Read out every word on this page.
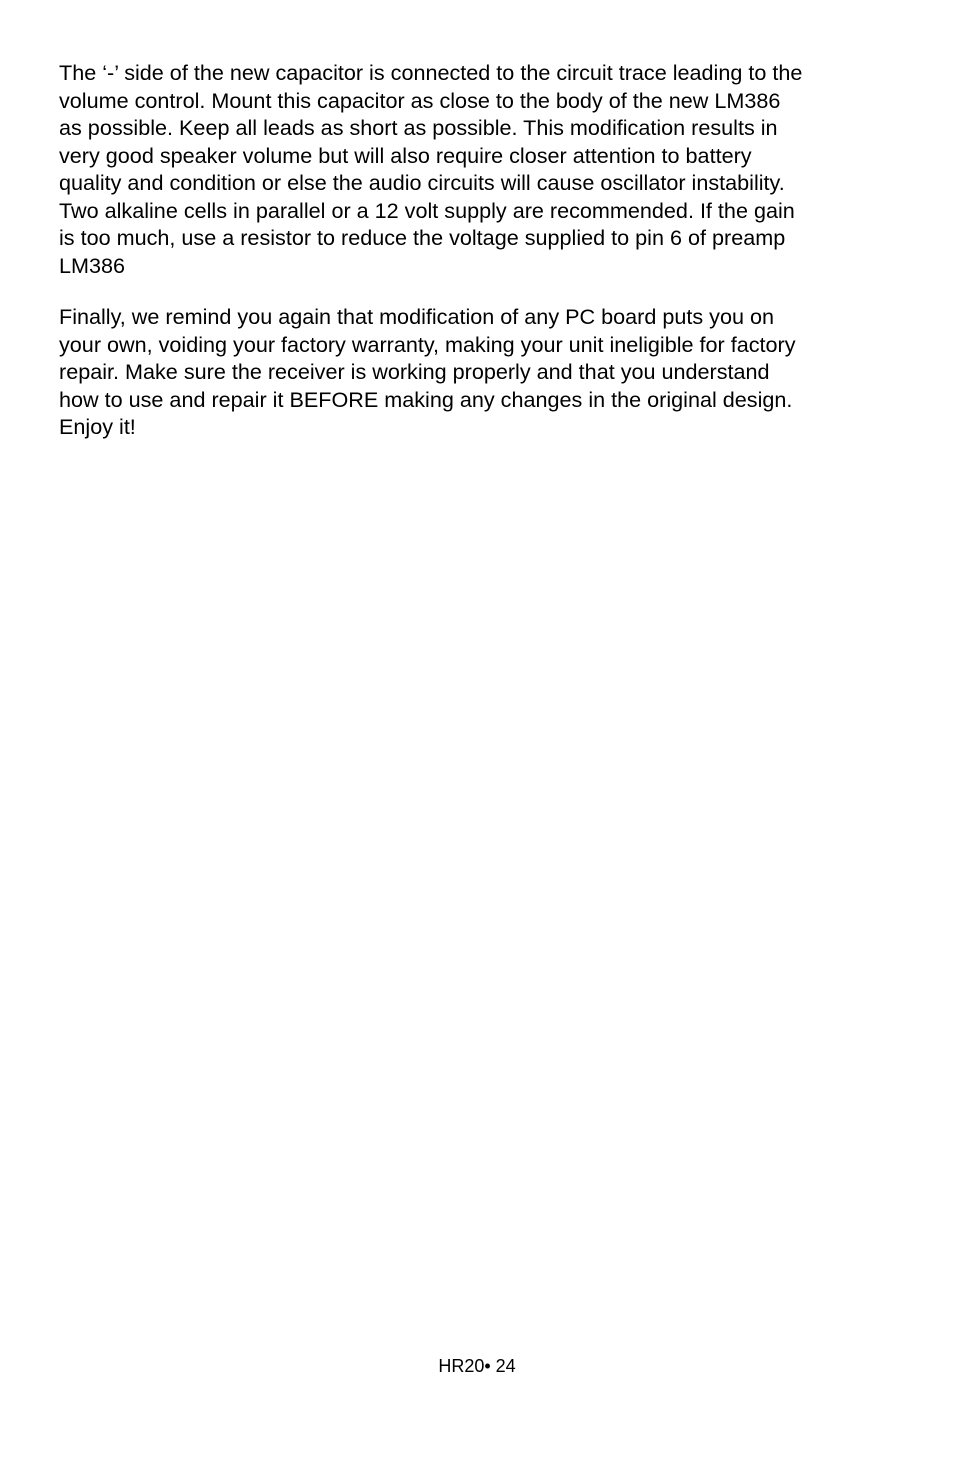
The ‘-’ side of the new capacitor is connected to the circuit trace leading to the
volume control. Mount this capacitor as close to the body of the new LM386
as possible. Keep all leads as short as possible. This modification results in
very good speaker volume but will also require closer attention to battery
quality and condition or else the audio circuits will cause oscillator instability.
Two alkaline cells in parallel or a 12 volt supply are recommended. If the gain
is too much, use a resistor to reduce the voltage supplied to pin 6 of preamp
LM386

Finally, we remind you again that modification of any PC board puts you on
your own, voiding your factory warranty, making your unit ineligible for factory
repair. Make sure the receiver is working properly and that you understand
how to use and repair it BEFORE making any changes in the original design.
Enjoy it!

HR20• 24
